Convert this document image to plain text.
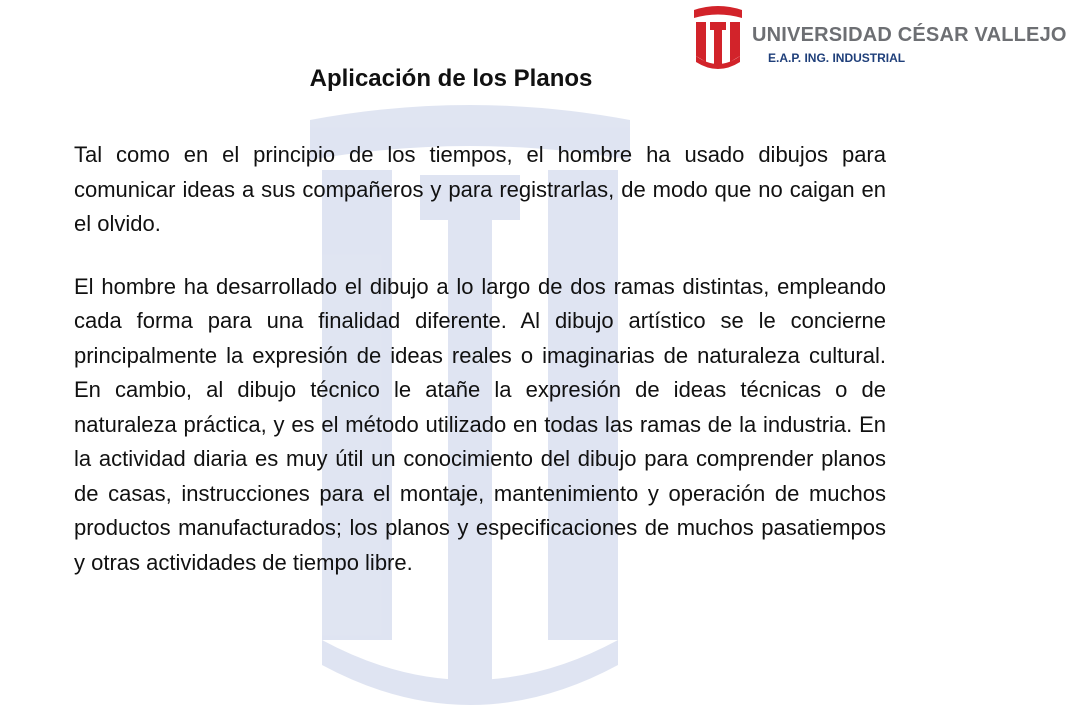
UNIVERSIDAD CÉSAR VALLEJO
E.A.P. ING. INDUSTRIAL
Aplicación de los Planos

Tal como en el principio de los tiempos, el hombre ha usado dibujos para comunicar ideas a sus compañeros y para registrarlas, de modo que no caigan en el olvido.

El hombre ha desarrollado el dibujo a lo largo de dos ramas distintas, empleando cada forma para una finalidad diferente. Al dibujo artístico se le concierne principalmente la expresión de ideas reales o imaginarias de naturaleza cultural. En cambio, al dibujo técnico le atañe la expresión de ideas técnicas o de naturaleza práctica, y es el método utilizado en todas las ramas de la industria. En la actividad diaria es muy útil un conocimiento del dibujo para comprender planos de casas, instrucciones para el montaje, mantenimiento y operación de muchos productos manufacturados; los planos y especificaciones de muchos pasatiempos y otras actividades de tiempo libre.
